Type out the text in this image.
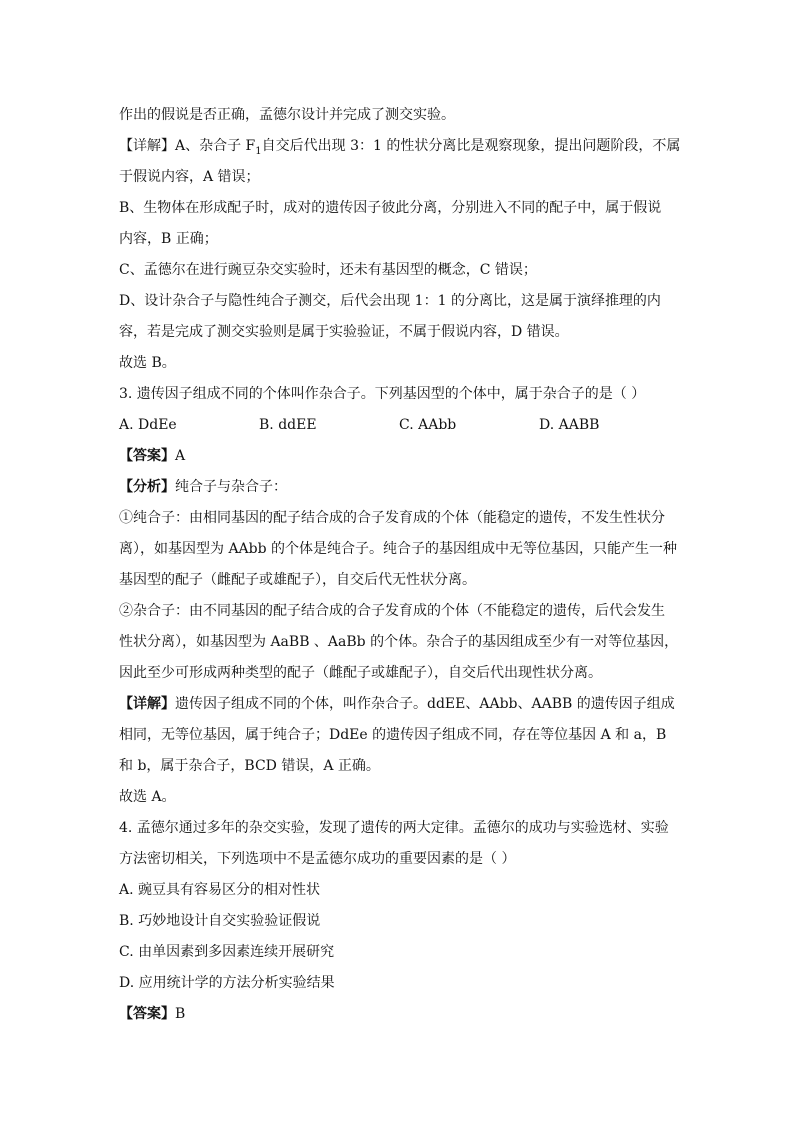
作出的假说是否正确，孟德尔设计并完成了测交实验。
【详解】A、杂合子 $F_1$自交后代出现 3：1 的性状分离比是观察现象，提出问题阶段，不属
于假说内容，A 错误；
B、生物体在形成配子时，成对的遗传因子彼此分离，分别进入不同的配子中，属于假说
内容，B 正确；
C、孟德尔在进行豌豆杂交实验时，还未有基因型的概念，C 错误；
D、设计杂合子与隐性纯合子测交，后代会出现 1：1 的分离比，这是属于演绎推理的内
容，若是完成了测交实验则是属于实验验证，不属于假说内容，D 错误。
故选 B。
3. 遗传因子组成不同的个体叫作杂合子。下列基因型的个体中，属于杂合子的是（ ）
A. DdEe	B. ddEE	C. AAbb	D. AABB
【答案】A
【分析】纯合子与杂合子：
①纯合子：由相同基因的配子结合成的合子发育成的个体（能稳定的遗传，不发生性状分
离），如基因型为 AAbb 的个体是纯合子。纯合子的基因组成中无等位基因，只能产生一种
基因型的配子（雌配子或雄配子），自交后代无性状分离。
②杂合子：由不同基因的配子结合成的合子发育成的个体（不能稳定的遗传，后代会发生
性状分离），如基因型为 AaBB 、AaBb 的个体。杂合子的基因组成至少有一对等位基因，
因此至少可形成两种类型的配子（雌配子或雄配子），自交后代出现性状分离。
【详解】遗传因子组成不同的个体，叫作杂合子。ddEE、AAbb、AABB 的遗传因子组成
相同，无等位基因，属于纯合子；DdEe 的遗传因子组成不同，存在等位基因 A 和 a，B
和 b，属于杂合子，BCD 错误，A 正确。
故选 A。
4. 孟德尔通过多年的杂交实验，发现了遗传的两大定律。孟德尔的成功与实验选材、实验
方法密切相关，下列选项中不是孟德尔成功的重要因素的是（ ）
A. 豌豆具有容易区分的相对性状
B. 巧妙地设计自交实验验证假说
C. 由单因素到多因素连续开展研究
D. 应用统计学的方法分析实验结果
【答案】B
